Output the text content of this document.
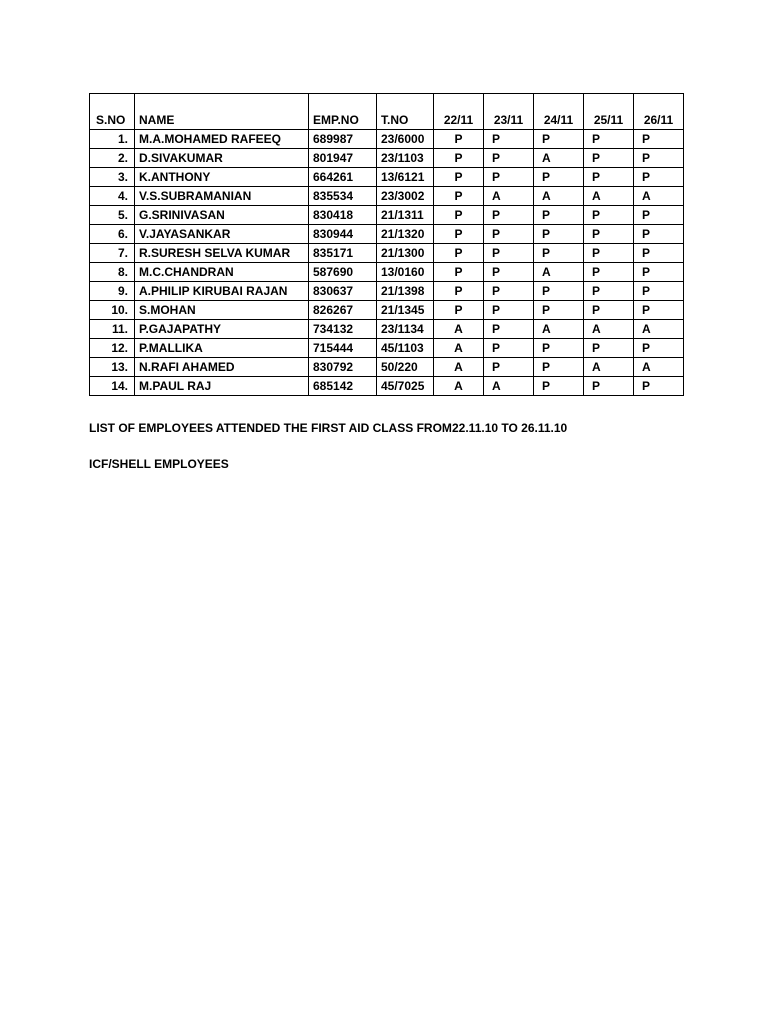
S.NO	NAME	EMP.NO	T.NO	22/11	23/11	24/11	25/11	26/11
1.	M.A.MOHAMED RAFEEQ	689987	23/6000	P	P	P	P	P
2.	D.SIVAKUMAR	801947	23/1103	P	P	A	P	P
3.	K.ANTHONY	664261	13/6121	P	P	P	P	P
4.	V.S.SUBRAMANIAN	835534	23/3002	P	A	A	A	A
5.	G.SRINIVASAN	830418	21/1311	P	P	P	P	P
6.	V.JAYASANKAR	830944	21/1320	P	P	P	P	P
7.	R.SURESH SELVA KUMAR	835171	21/1300	P	P	P	P	P
8.	M.C.CHANDRAN	587690	13/0160	P	P	A	P	P
9.	A.PHILIP KIRUBAI RAJAN	830637	21/1398	P	P	P	P	P
10.	S.MOHAN	826267	21/1345	P	P	P	P	P
11.	P.GAJAPATHY	734132	23/1134	A	P	A	A	A
12.	P.MALLIKA	715444	45/1103	A	P	P	P	P
13.	N.RAFI AHAMED	830792	50/220	A	P	P	A	A
14.	M.PAUL RAJ	685142	45/7025	A	A	P	P	P
LIST OF EMPLOYEES ATTENDED THE FIRST AID CLASS FROM 22.11.10 TO 26.11.10
ICF/SHELL EMPLOYEES
